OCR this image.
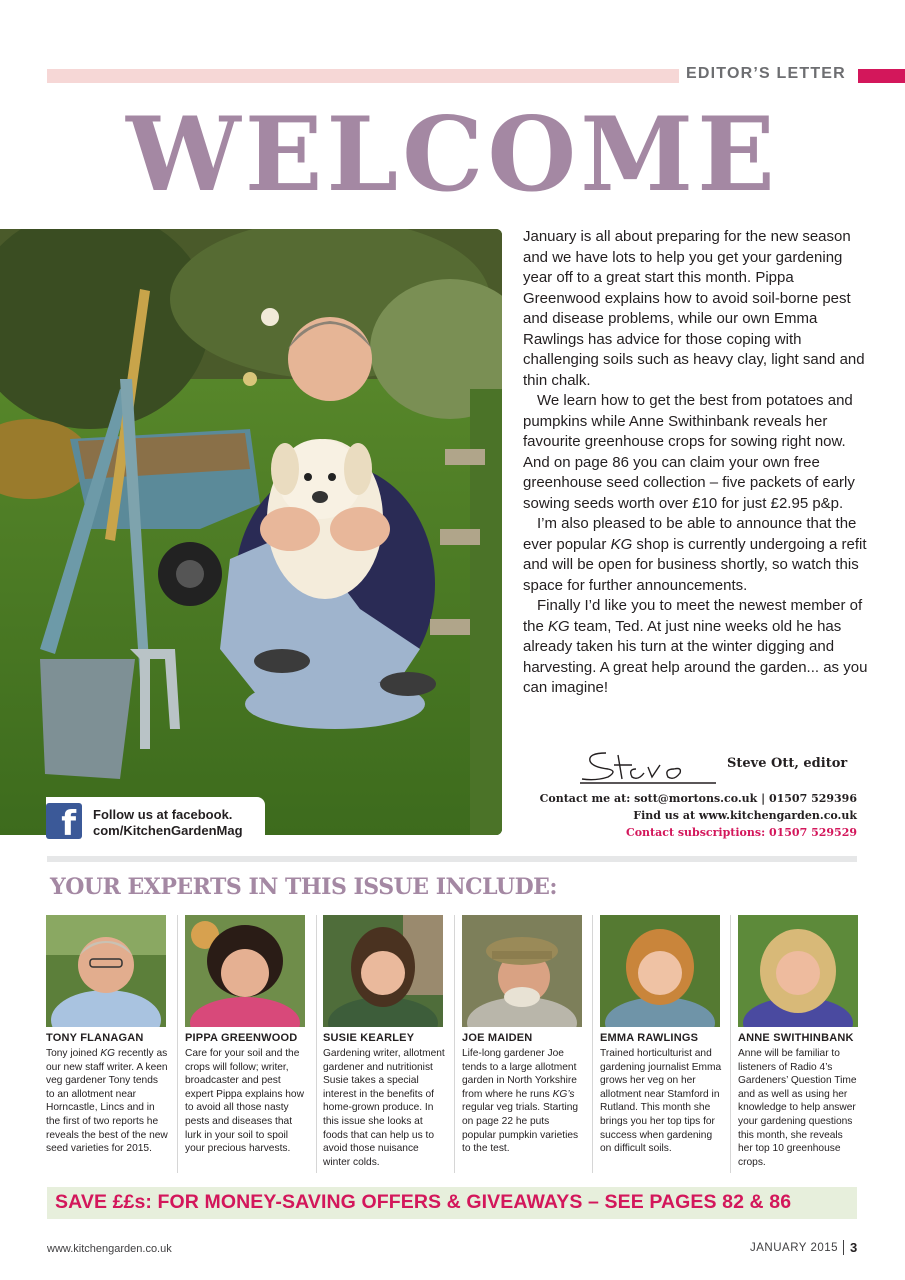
EDITOR’S LETTER
WELCOME
f Follow us at facebook.
com/KitchenGardenMag

January is all about preparing for the new season and we have lots to help you get your gardening year off to a great start this month. Pippa Greenwood explains how to avoid soil-borne pest and disease problems, while our own Emma Rawlings has advice for those coping with challenging soils such as heavy clay, light sand and thin chalk.

We learn how to get the best from potatoes and pumpkins while Anne Swithinbank reveals her favourite greenhouse crops for sowing right now. And on page 86 you can claim your own free greenhouse seed collection – five packets of early sowing seeds worth over £10 for just £2.95 p&p.

I’m also pleased to be able to announce that the ever popular KG shop is currently undergoing a refit and will be open for business shortly, so watch this space for further announcements.

Finally I’d like you to meet the newest member of the KG team, Ted. At just nine weeks old he has already taken his turn at the winter digging and harvesting. A great help around the garden... as you can imagine!

Steve Ott, editor
Contact me at: sott@mortons.co.uk | 01507 529396
Find us at www.kitchengarden.co.uk
Contact subscriptions: 01507 529529
YOUR EXPERTS IN THIS ISSUE INCLUDE:
TONY FLANAGAN
Tony joined KG recently as our new staff writer. A keen veg gardener Tony tends to an allotment near Horncastle, Lincs and in the first of two reports he reveals the best of the new seed varieties for 2015.
PIPPA GREENWOOD
Care for your soil and the crops will follow; writer, broadcaster and pest expert Pippa explains how to avoid all those nasty pests and diseases that lurk in your soil to spoil your precious harvests.
SUSIE KEARLEY
Gardening writer, allotment gardener and nutritionist Susie takes a special interest in the benefits of home-grown produce. In this issue she looks at foods that can help us to avoid those nuisance winter colds.
JOE MAIDEN
Life-long gardener Joe tends to a large allotment garden in North Yorkshire from where he runs KG’s regular veg trials. Starting on page 22 he puts popular pumpkin varieties to the test.
EMMA RAWLINGS
Trained horticulturist and gardening journalist Emma grows her veg on her allotment near Stamford in Rutland. This month she brings you her top tips for success when gardening on difficult soils.
ANNE SWITHINBANK
Anne will be familiar to listeners of Radio 4’s Gardeners’ Question Time and as well as using her knowledge to help answer your gardening questions this month, she reveals her top 10 greenhouse crops.
SAVE ££s: FOR MONEY-SAVING OFFERS & GIVEAWAYS – SEE PAGES 82 & 86
www.kitchengarden.co.uk	JANUARY 2015 3
